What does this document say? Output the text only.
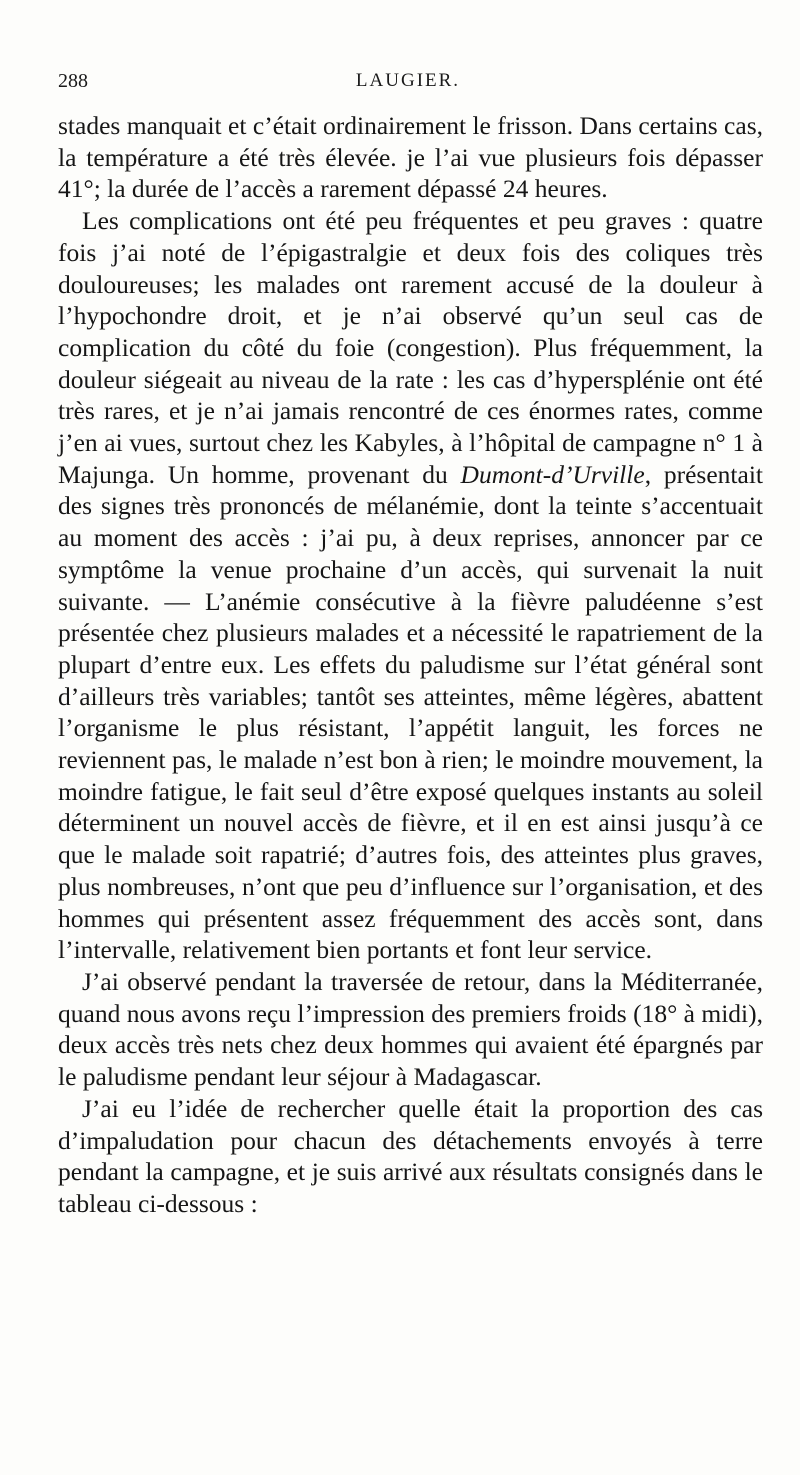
288	LAUGIER.

stades manquait et c’était ordinairement le frisson. Dans certains cas, la température a été très élevée. je l’ai vue plusieurs fois dépasser 41°; la durée de l’accès a rarement dépassé 24 heures.

Les complications ont été peu fréquentes et peu graves : quatre fois j’ai noté de l’épigastralgie et deux fois des coliques très douloureuses; les malades ont rarement accusé de la douleur à l’hypochondre droit, et je n’ai observé qu’un seul cas de complication du côté du foie (congestion). Plus fréquemment, la douleur siégeait au niveau de la rate : les cas d’hypersplénie ont été très rares, et je n’ai jamais rencontré de ces énormes rates, comme j’en ai vues, surtout chez les Kabyles, à l’hôpital de campagne n° 1 à Majunga. Un homme, provenant du Dumont-d’Urville, présentait des signes très prononcés de mélanémie, dont la teinte s’accentuait au moment des accès : j’ai pu, à deux reprises, annoncer par ce symptôme la venue prochaine d’un accès, qui survenait la nuit suivante. — L’anémie consécutive à la fièvre paludéenne s’est présentée chez plusieurs malades et a nécessité le rapatriement de la plupart d’entre eux. Les effets du paludisme sur l’état général sont d’ailleurs très variables; tantôt ses atteintes, même légères, abattent l’organisme le plus résistant, l’appétit languit, les forces ne reviennent pas, le malade n’est bon à rien; le moindre mouvement, la moindre fatigue, le fait seul d’être exposé quelques instants au soleil déterminent un nouvel accès de fièvre, et il en est ainsi jusqu’à ce que le malade soit rapatrié; d’autres fois, des atteintes plus graves, plus nombreuses, n’ont que peu d’influence sur l’organisation, et des hommes qui présentent assez fréquemment des accès sont, dans l’intervalle, relativement bien portants et font leur service.

J’ai observé pendant la traversée de retour, dans la Méditerranée, quand nous avons reçu l’impression des premiers froids (18° à midi), deux accès très nets chez deux hommes qui avaient été épargnés par le paludisme pendant leur séjour à Madagascar.

J’ai eu l’idée de rechercher quelle était la proportion des cas d’impaludation pour chacun des détachements envoyés à terre pendant la campagne, et je suis arrivé aux résultats consignés dans le tableau ci-dessous :
